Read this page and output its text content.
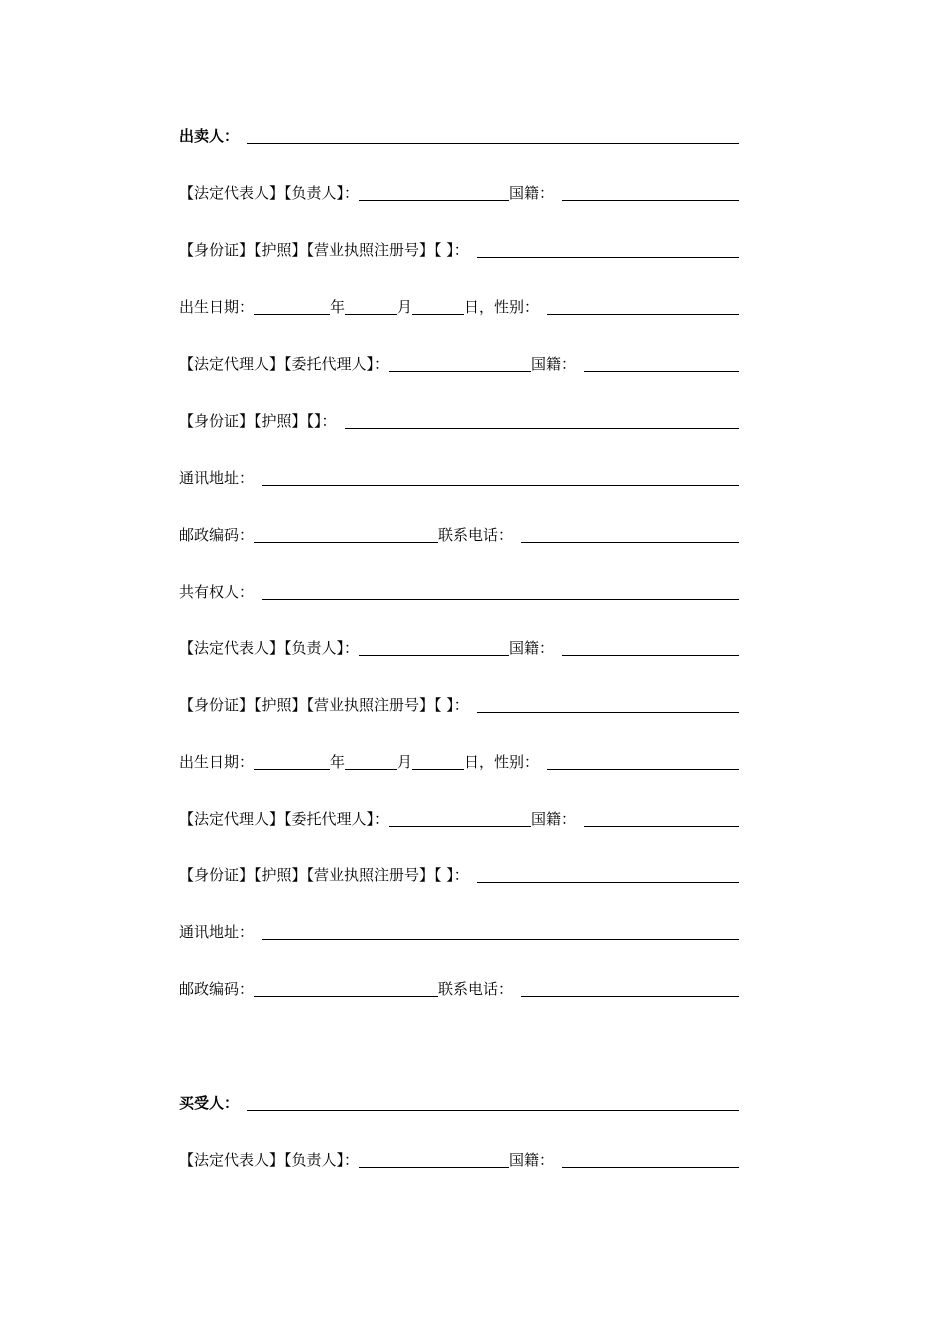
出卖人：
【法定代表人】【负责人】：	国籍：
【身份证】【护照】【营业执照注册号】【 】：
出生日期：	年	月	日，性别：
【法定代理人】【委托代理人】：	国籍：
【身份证】【护照】【】：
通讯地址：
邮政编码：	联系电话：
共有权人：
【法定代表人】【负责人】：	国籍：
【身份证】【护照】【营业执照注册号】【 】：
出生日期：	年	月	日，性别：
【法定代理人】【委托代理人】：	国籍：
【身份证】【护照】【营业执照注册号】【 】：
通讯地址：
邮政编码：	联系电话：
买受人：
【法定代表人】【负责人】：	国籍：
